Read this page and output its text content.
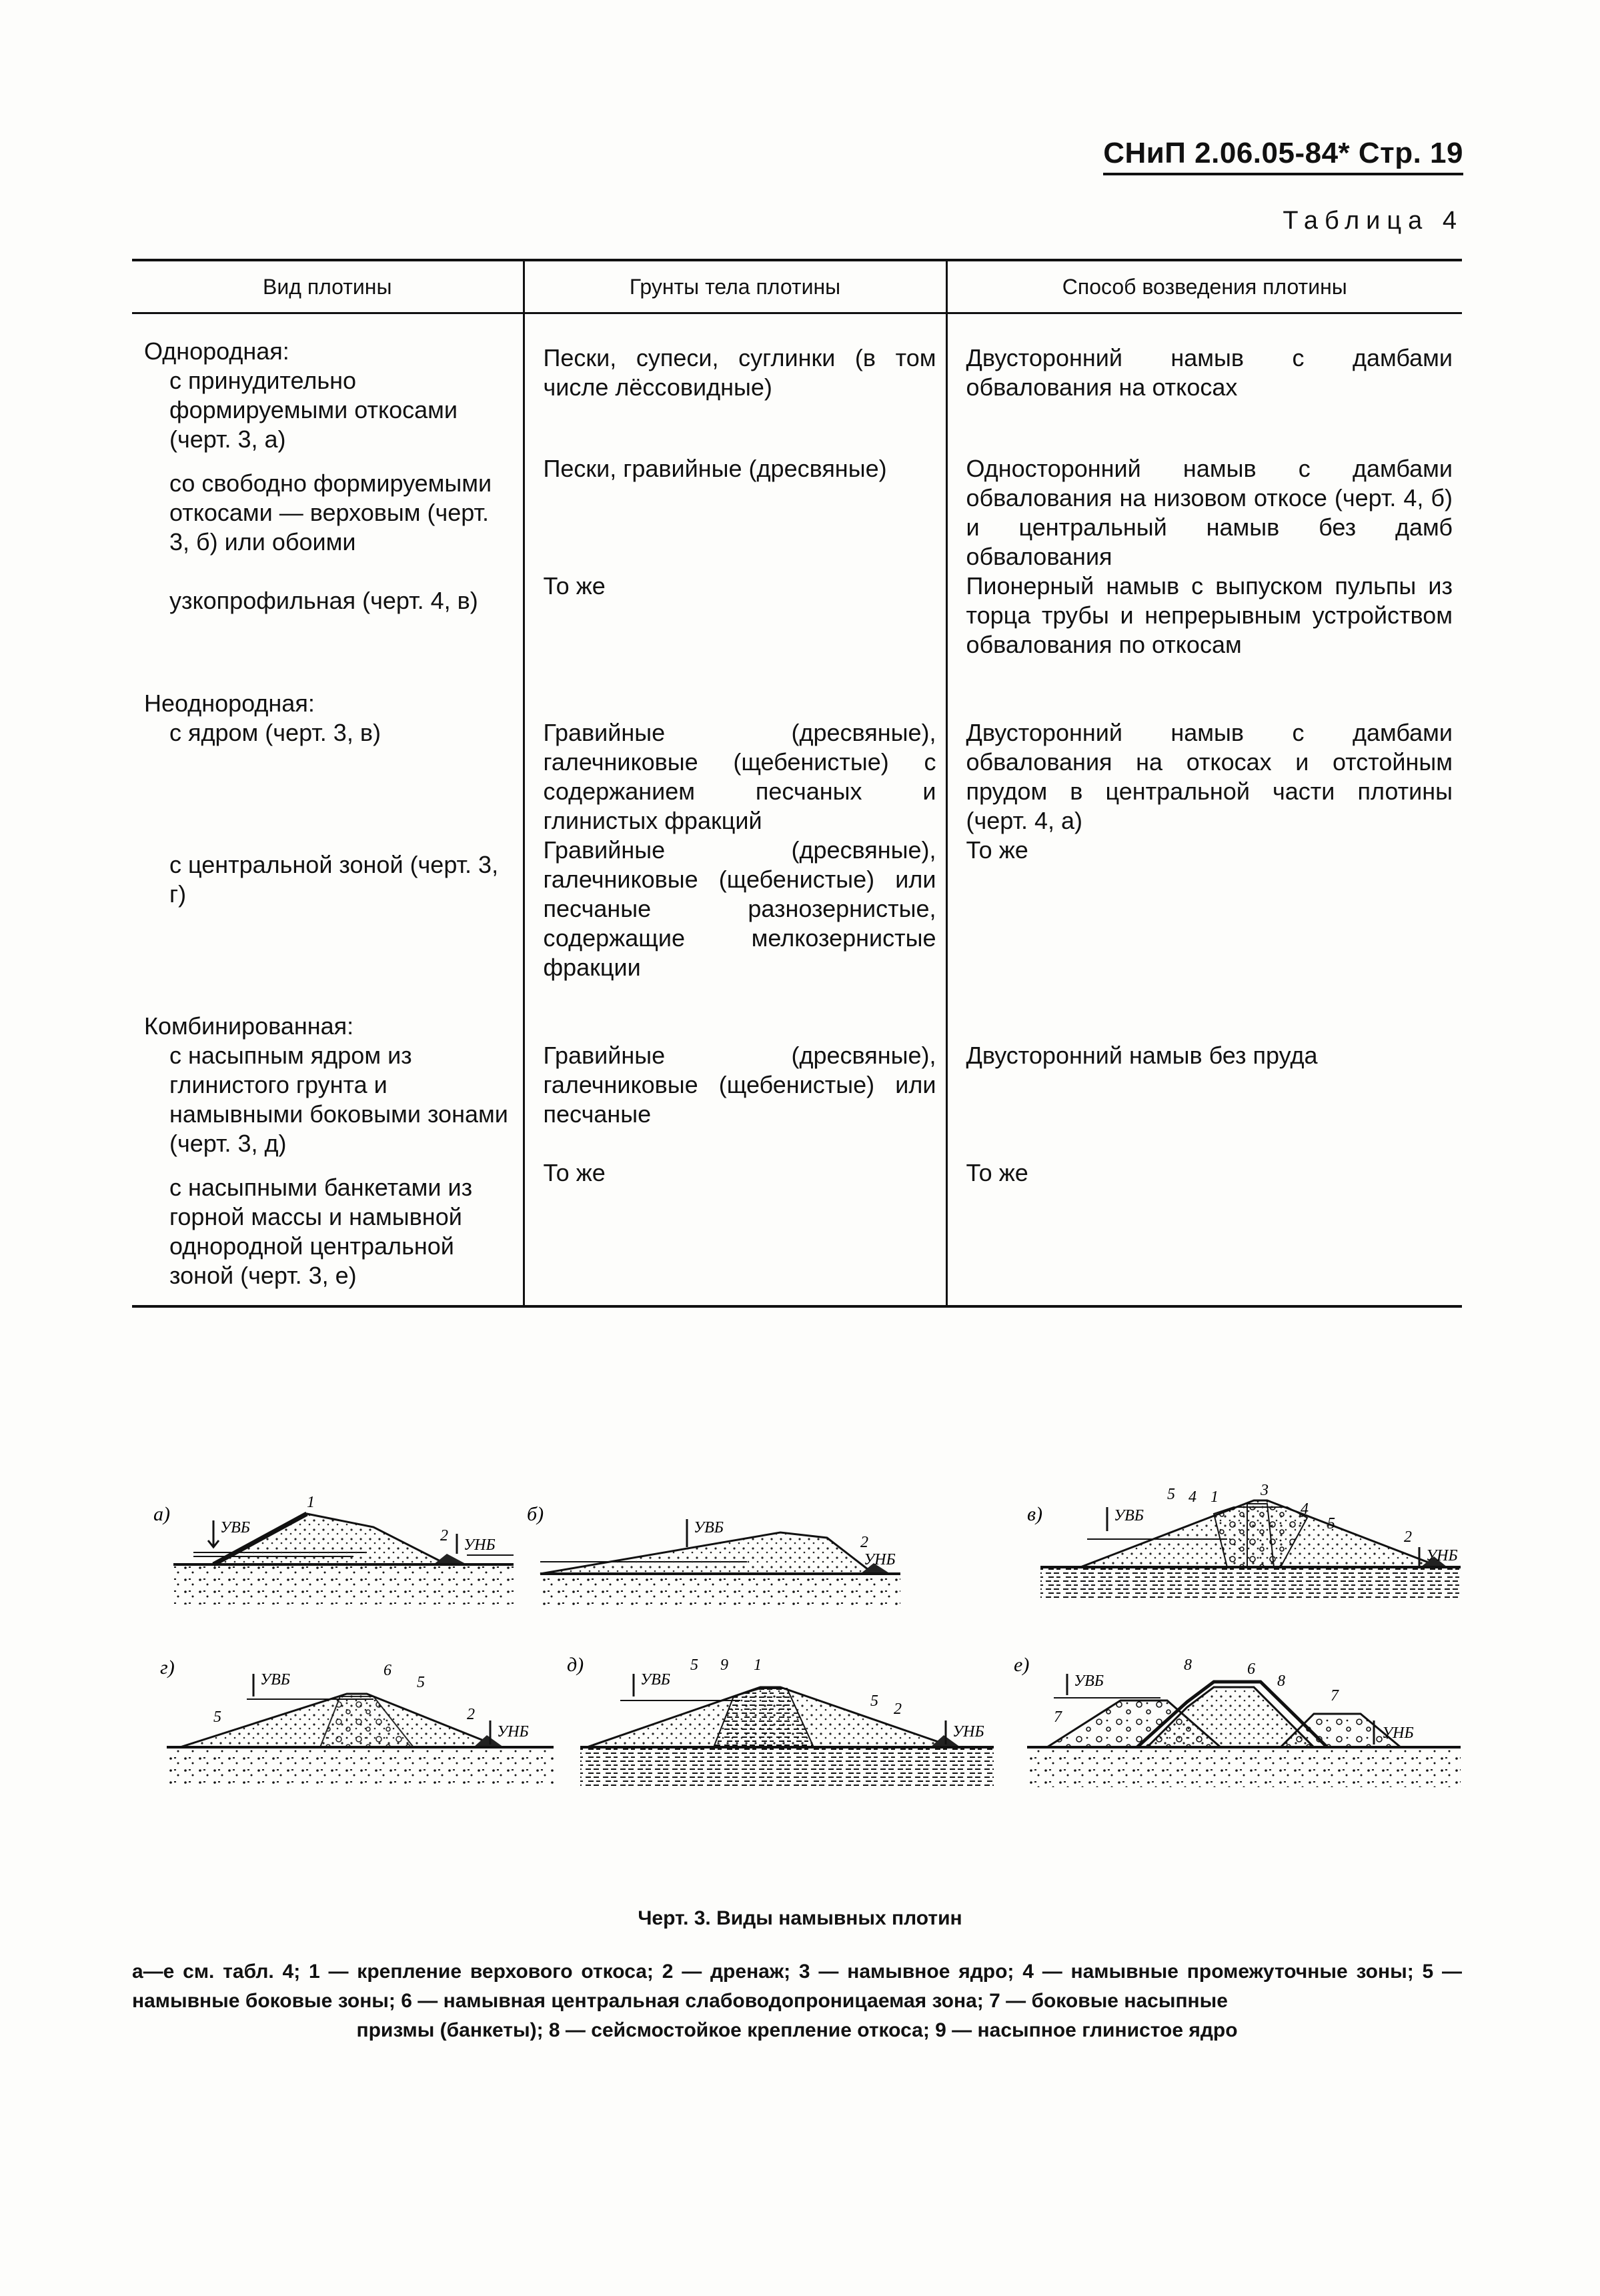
СНиП 2.06.05-84* Стр. 19
Таблица 4
Вид плотины	Грунты тела плотины	Способ возведения плотины

Однородная:
с принудительно формируемыми откосами (черт. 3, а)	Пески, супеси, суглинки (в том числе лёссовидные)	Двусторонний намыв с дамбами обвалования на откосах

со свободно формируемыми откосами — верховым (черт. 3, б) или обоими	Пески, гравийные (дресвяные)	Односторонний намыв с дамбами обвалования на низовом откосе (черт. 4, б) и центральный намыв без дамб обвалования

узкопрофильная (черт. 4, в)	То же	Пионерный намыв с выпуском пульпы из торца трубы и непрерывным устройством обвалования по откосам

Неоднородная:
с ядром (черт. 3, в)	Гравийные (дресвяные), галечниковые (щебенистые) с содержанием песчаных и глинистых фракций	Двусторонний намыв с дамбами обвалования на откосах и отстойным прудом в центральной части плотины (черт. 4, а)

с центральной зоной (черт. 3, г)	Гравийные (дресвяные), галечниковые (щебенистые) или песчаные разнозернистые, содержащие мелкозернистые фракции	То же

Комбинированная:
с насыпным ядром из глинистого грунта и намывными боковыми зонами (черт. 3, д)	Гравийные (дресвяные), галечниковые (щебенистые) или песчаные	Двусторонний намыв без пруда

с насыпными банкетами из горной массы и намывной однородной центральной зоной (черт. 3, е)	То же	То же
а)
УВБ
1
2
УНБ
б)
УВБ
2
УНБ
в)	УВБ
5 4 1	3
4
5
2
УНБ
г)
УВБ
6
5
5	2
УНБ
д)
УВБ
5 9 1
5 2
УНБ
е)
УВБ
8	6
8
7
7
УНБ
Черт. 3. Виды намывных плотин
а—е см. табл. 4; 1 — крепление верхового откоса; 2 — дренаж; 3 — намывное ядро; 4 — намывные промежуточные зоны; 5 — намывные боковые зоны; 6 — намывная центральная слабоводопроницаемая зона; 7 — боковые насыпные
призмы (банкеты); 8 — сейсмостойкое крепление откоса; 9 — насыпное глинистое ядро
